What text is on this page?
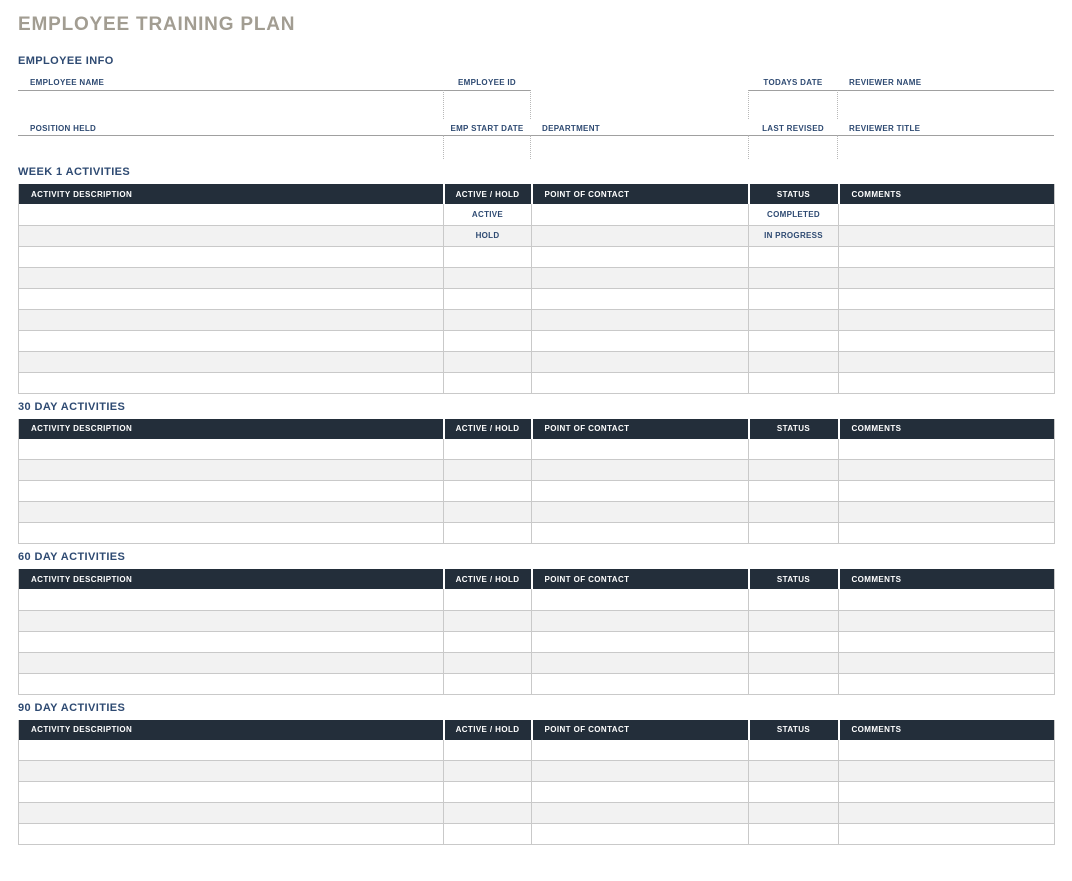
EMPLOYEE TRAINING PLAN
EMPLOYEE INFO
EMPLOYEE NAME	EMPLOYEE ID	TODAYS DATE	REVIEWER NAME
POSITION HELD	EMP START DATE	DEPARTMENT	LAST REVISED	REVIEWER TITLE
WEEK 1 ACTIVITIES
ACTIVITY DESCRIPTION	ACTIVE / HOLD	POINT OF CONTACT	STATUS	COMMENTS
	ACTIVE		COMPLETED	
	HOLD		IN PROGRESS	

30 DAY ACTIVITIES
ACTIVITY DESCRIPTION	ACTIVE / HOLD	POINT OF CONTACT	STATUS	COMMENTS

60 DAY ACTIVITIES
ACTIVITY DESCRIPTION	ACTIVE / HOLD	POINT OF CONTACT	STATUS	COMMENTS

90 DAY ACTIVITIES
ACTIVITY DESCRIPTION	ACTIVE / HOLD	POINT OF CONTACT	STATUS	COMMENTS
